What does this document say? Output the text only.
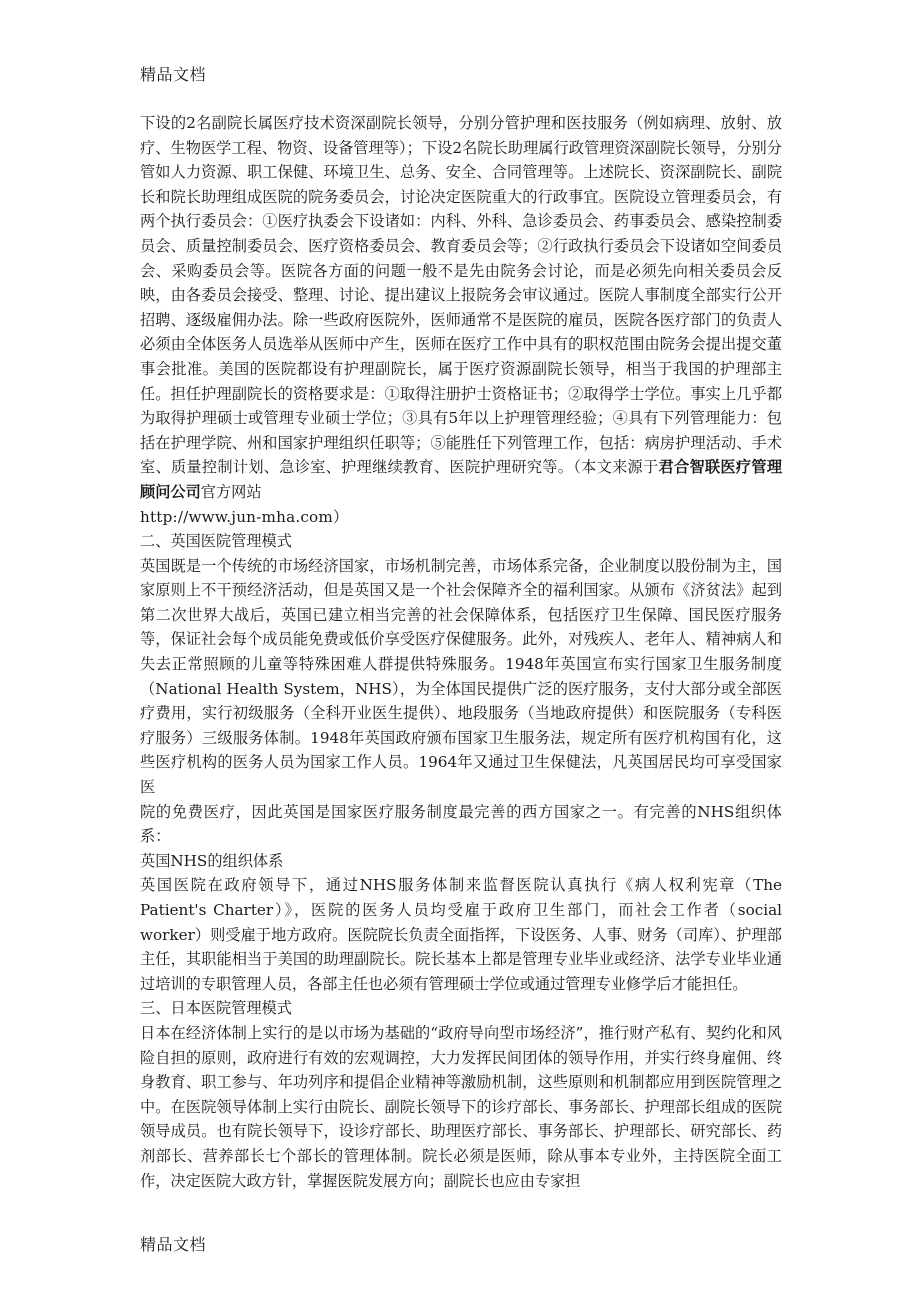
精品文档

下设的2名副院长属医疗技术资深副院长领导，分别分管护理和医技服务（例如病理、放射、放疗、生物医学工程、物资、设备管理等）；下设2名院长助理属行政管理资深副院长领导，分别分管如人力资源、职工保健、环境卫生、总务、安全、合同管理等。上述院长、资深副院长、副院长和院长助理组成医院的院务委员会，讨论决定医院重大的行政事宜。医院设立管理委员会，有两个执行委员会：①医疗执委会下设诸如：内科、外科、急诊委员会、药事委员会、感染控制委员会、质量控制委员会、医疗资格委员会、教育委员会等；②行政执行委员会下设诸如空间委员会、采购委员会等。医院各方面的问题一般不是先由院务会讨论，而是必须先向相关委员会反映，由各委员会接受、整理、讨论、提出建议上报院务会审议通过。医院人事制度全部实行公开招聘、逐级雇佣办法。除一些政府医院外，医师通常不是医院的雇员，医院各医疗部门的负责人必须由全体医务人员选举从医师中产生，医师在医疗工作中具有的职权范围由院务会提出提交董事会批准。美国的医院都设有护理副院长，属于医疗资源副院长领导，相当于我国的护理部主任。担任护理副院长的资格要求是：①取得注册护士资格证书；②取得学士学位。事实上几乎都为取得护理硕士或管理专业硕士学位；③具有5年以上护理管理经验；④具有下列管理能力：包括在护理学院、州和国家护理组织任职等；⑤能胜任下列管理工作，包括：病房护理活动、手术室、质量控制计划、急诊室、护理继续教育、医院护理研究等。（本文来源于君合智联医疗管理顾问公司官方网站
http://www.jun-mha.com）

二、英国医院管理模式

英国既是一个传统的市场经济国家，市场机制完善，市场体系完备，企业制度以股份制为主，国家原则上不干预经济活动，但是英国又是一个社会保障齐全的福利国家。从颁布《济贫法》起到第二次世界大战后，英国已建立相当完善的社会保障体系，包括医疗卫生保障、国民医疗服务等，保证社会每个成员能免费或低价享受医疗保健服务。此外，对残疾人、老年人、精神病人和失去正常照顾的儿童等特殊困难人群提供特殊服务。1948年英国宣布实行国家卫生服务制度（National Health System，NHS），为全体国民提供广泛的医疗服务，支付大部分或全部医疗费用，实行初级服务（全科开业医生提供）、地段服务（当地政府提供）和医院服务（专科医疗服务）三级服务体制。1948年英国政府颁布国家卫生服务法，规定所有医疗机构国有化，这些医疗机构的医务人员为国家工作人员。1964年又通过卫生保健法，凡英国居民均可享受国家医

院的免费医疗，因此英国是国家医疗服务制度最完善的西方国家之一。有完善的NHS组织体系：

英国NHS的组织体系

英国医院在政府领导下，通过NHS服务体制来监督医院认真执行《病人权利宪章（The Patient's Charter）》，医院的医务人员均受雇于政府卫生部门，而社会工作者（social worker）则受雇于地方政府。医院院长负责全面指挥，下设医务、人事、财务（司库）、护理部主任，其职能相当于美国的助理副院长。院长基本上都是管理专业毕业或经济、法学专业毕业通过培训的专职管理人员，各部主任也必须有管理硕士学位或通过管理专业修学后才能担任。

三、日本医院管理模式

日本在经济体制上实行的是以市场为基础的“政府导向型市场经济”，推行财产私有、契约化和风险自担的原则，政府进行有效的宏观调控，大力发挥民间团体的领导作用，并实行终身雇佣、终身教育、职工参与、年功列序和提倡企业精神等激励机制，这些原则和机制都应用到医院管理之中。在医院领导体制上实行由院长、副院长领导下的诊疗部长、事务部长、护理部长组成的医院领导成员。也有院长领导下，设诊疗部长、助理医疗部长、事务部长、护理部长、研究部长、药剂部长、营养部长七个部长的管理体制。院长必须是医师，除从事本专业外，主持医院全面工作，决定医院大政方针，掌握医院发展方向；副院长也应由专家担

精品文档
